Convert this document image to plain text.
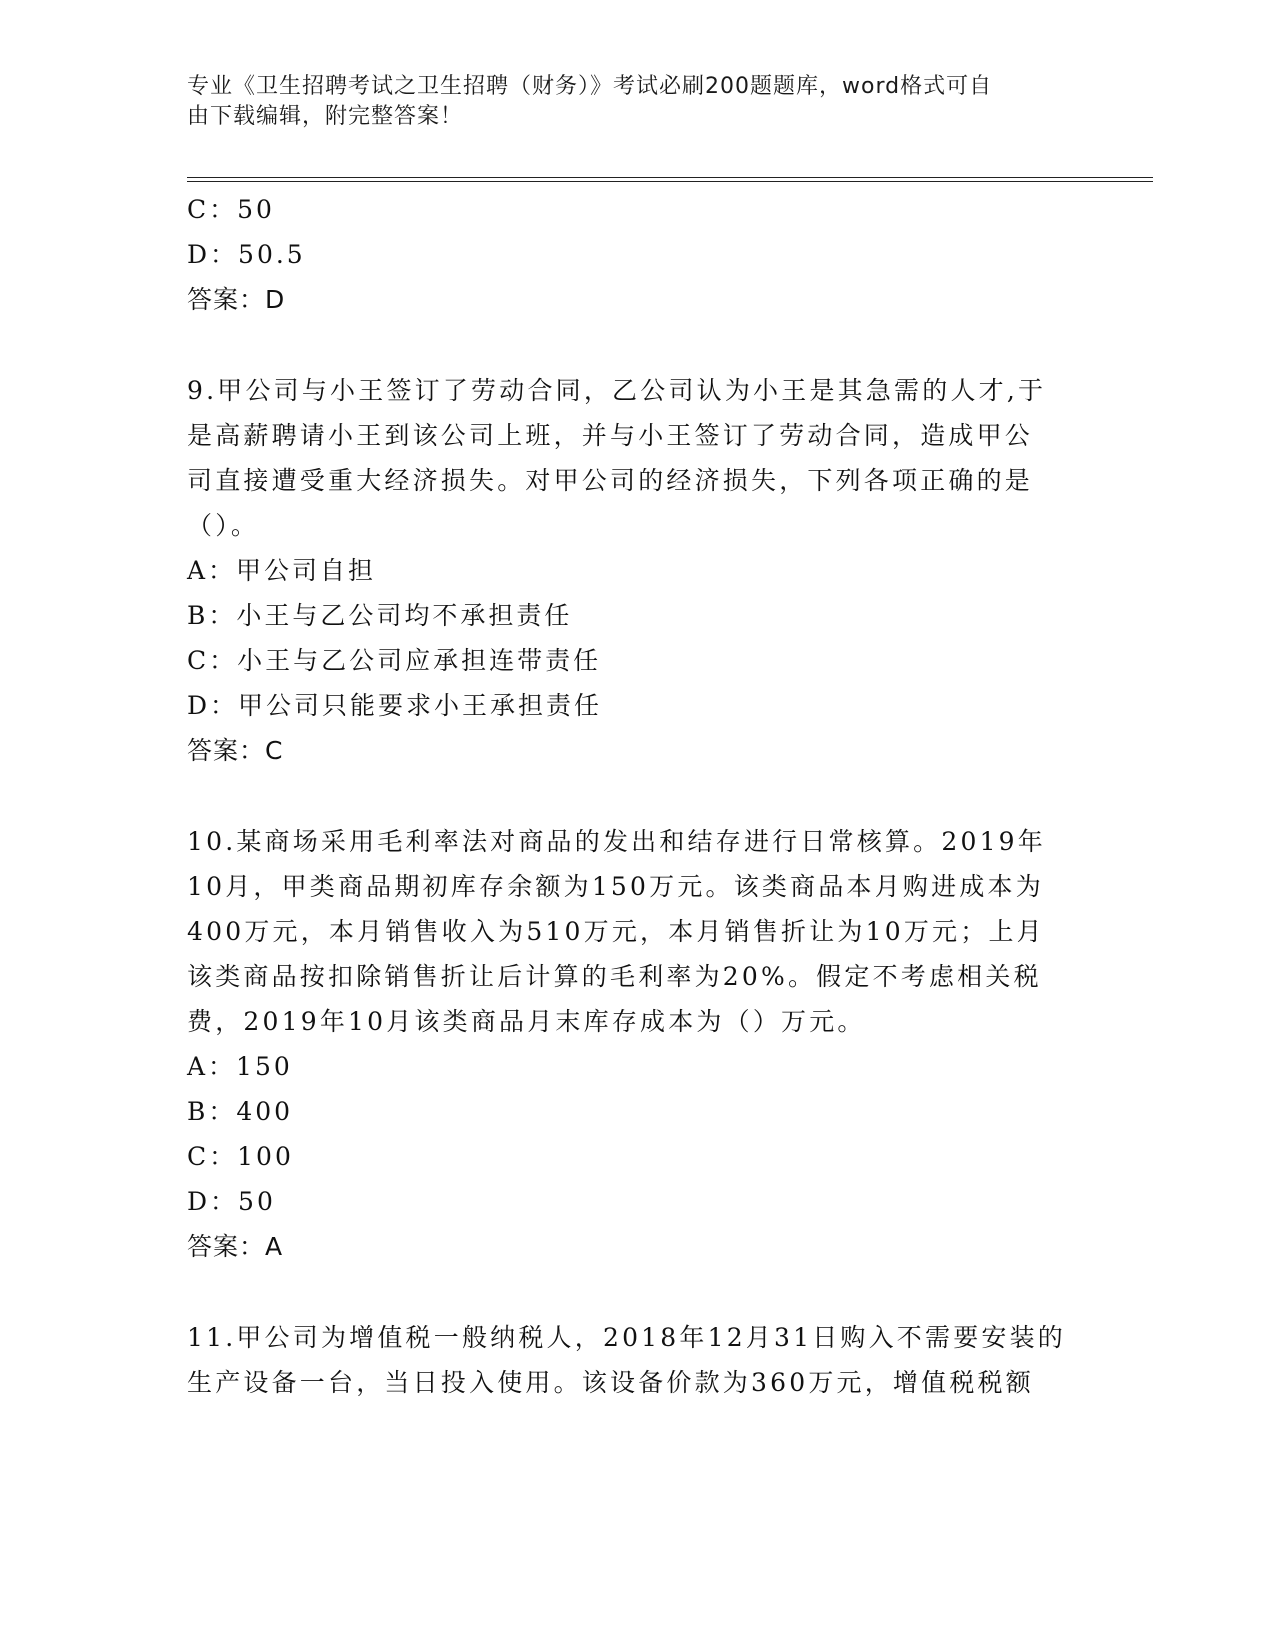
专业《卫生招聘考试之卫生招聘（财务）》考试必刷200题题库，word格式可自
由下载编辑，附完整答案！
C：50
D：50.5
答案：D
9.甲公司与小王签订了劳动合同，乙公司认为小王是其急需的人才,于
是高薪聘请小王到该公司上班，并与小王签订了劳动合同，造成甲公
司直接遭受重大经济损失。对甲公司的经济损失，下列各项正确的是
（）。
A：甲公司自担
B：小王与乙公司均不承担责任
C：小王与乙公司应承担连带责任
D：甲公司只能要求小王承担责任
答案：C
10.某商场采用毛利率法对商品的发出和结存进行日常核算。2019年
10月，甲类商品期初库存余额为150万元。该类商品本月购进成本为
400万元，本月销售收入为510万元，本月销售折让为10万元；上月
该类商品按扣除销售折让后计算的毛利率为20%。假定不考虑相关税
费，2019年10月该类商品月末库存成本为（）万元。
A：150
B：400
C：100
D：50
答案：A
11.甲公司为增值税一般纳税人，2018年12月31日购入不需要安装的
生产设备一台，当日投入使用。该设备价款为360万元，增值税税额
